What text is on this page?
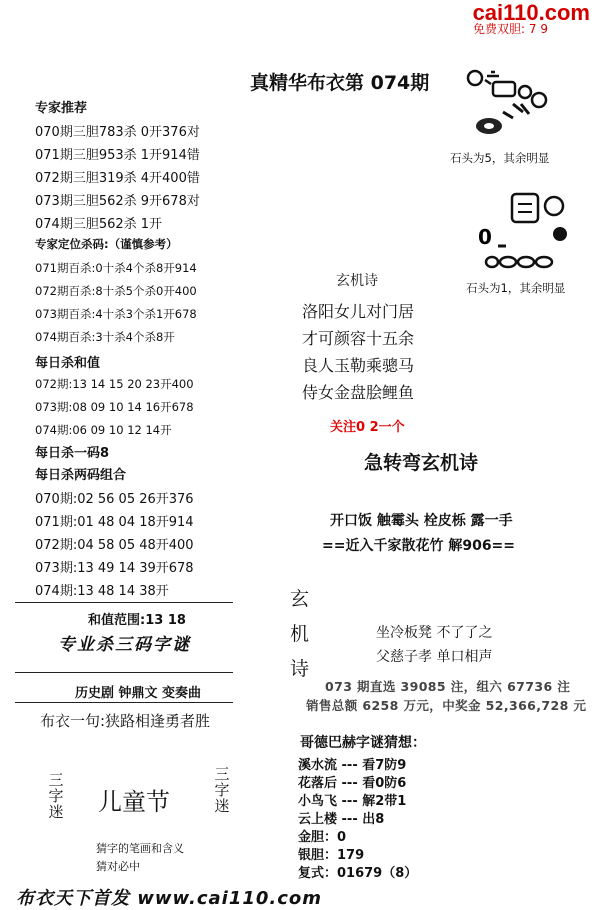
cai110.com
免费双胆: 7 9
真精华布衣第 074期
专家推荐
070期三胆783杀 0开376对
071期三胆953杀 1开914错
072期三胆319杀 4开400错
073期三胆562杀 9开678对
074期三胆562杀 1开
专家定位杀码:（谨慎参考）
071期百杀:0十杀4个杀8开914
072期百杀:8十杀5个杀0开400
073期百杀:4十杀3个杀1开678
074期百杀:3十杀4个杀8开
每日杀和值
072期:13 14 15 20 23开400
073期:08 09 10 14 16开678
074期:06 09 10 12 14开
每日杀一码8
每日杀两码组合
070期:02 56 05 26开376
071期:01 48 04 18开914
072期:04 58 05 48开400
073期:13 49 14 39开678
074期:13 48 14 38开
和值范围:13 18
专业杀三码字谜
历史剧 钟鼎文 变奏曲
布衣一句:狭路相逢勇者胜
三字迷
三字迷
儿童节
猜字的笔画和含义
猜对必中
布衣天下首发 www.cai110.com
石头为5，其余明显
0
石头为1，其余明显
玄机诗
洛阳女儿对门居
才可颜容十五余
良人玉勒乘骢马
侍女金盘脍鲤鱼
关注0 2一个
急转弯玄机诗
开口饭 触霉头 栓皮栎 露一手
==近入千家散花竹 解906==
玄
机
诗
坐冷板凳 不了了之
父慈子孝 单口相声
073 期直选 39085 注，组六 67736 注
销售总额 6258 万元，中奖金 52,366,728 元
哥德巴赫字谜猜想：
溪水流 --- 看7防9
花落后 --- 看0防6
小鸟飞 --- 解2带1
云上楼 --- 出8
金胆：0
银胆：179
复式：01679（8）
